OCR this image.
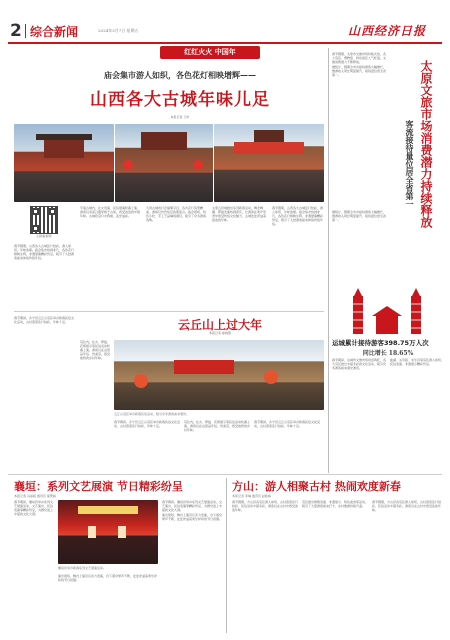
2 综合新闻	2024年3月7日 星期五	山西经济日报
红红火火 中国年
庙会集市游人如织，各色花灯相映增辉——
山西各大古城年味儿足
本报记者 王昕
扫码看视频

春节假期，山西各大古城张灯结彩，游人如织，年味浓郁。庙会集市热闹非凡，各色花灯相映生辉，非遗展演精彩纷呈，吸引了大批游客前来体验传统年俗。

平遥古城内，社火表演、民俗展演轮番上演，游客们身着汉服穿梭于古街，感受浓浓的中国年味。古城夜景灯火辉煌，流光溢彩。

大同古城的灯会璀璨夺目，各式花灯造型精美，游客们纷纷驻足拍照留念。庙会现场，特色小吃、手工艺品琳琅满目，吸引了众多游客选购。

太原古县城推出系列新春活动，舞龙舞狮、锣鼓表演热闹喜庆，让游客在欢声笑语中感受传统文化魅力，古城处处洋溢着浓浓的年味。

春节假期，山西各大古城张灯结彩，游人如织，年味浓郁。庙会集市热闹非凡，各色花灯相映生辉，非遗展演精彩纷呈，吸引了大批游客前来体验传统年俗。

春节假期，太原市文旅市场持续火热，各大景区、博物馆、特色街区人气旺盛，文旅消费潜力不断释放。

据统计，假期全市共接待游客大幅增长，旅游收入同比明显提升，接待量位居全省第一。	太原文旅市场消费潜力持续释放
客流接待量位居全省第一

据统计，假期全市共接待游客大幅增长，旅游收入同比明显提升，接待量位居全省第一。

运城累计接待游客398.75万人次
同比增长 18.65%

春节期间，运城市文旅市场供需两旺，各大景区推出丰富多彩的文化活动，吸引众多游客前来观光游览。

盐湖、关帝庙、永乐宫等景区游人如织，民俗表演、非遗展示精彩纷呈。

春节期间，乡宁县云丘山景区举办新春民俗文化活动，古村落里张灯结彩，年味十足。

景区内，社火、锣鼓、花馍展示等民俗活动轮番上演，游客们在这里品年俗、赏美景，感受独特的乡村年味。

云丘山上过大年
本报记者 崔晓霞
云丘山景区举办新春民俗活动，吸引众多游客前来观赏。

春节期间，乡宁县云丘山景区举办新春民俗文化活动，古村落里张灯结彩，年味十足。

景区内，社火、锣鼓、花馍展示等民俗活动轮番上演，游客们在这里品年俗、赏美景，感受独特的乡村年味。

春节期间，乡宁县云丘山景区举办新春民俗文化活动，古村落里张灯结彩，年味十足。

襄垣：系列文艺展演 节日精彩纷呈
本报记者 冯丽娟 通讯员 郝慧娟

春节期间，襄垣县举办系列文艺展演活动，文艺演出、民俗表演等精彩纷呈，为群众送上丰富的文化大餐。

襄垣县举办新春系列文艺展演活动。

演出现场，舞台上演员们卖力表演，台下观众掌声不断，处处洋溢着欢乐祥和的节日氛围。

春节期间，襄垣县举办系列文艺展演活动，文艺演出、民俗表演等精彩纷呈，为群众送上丰富的文化大餐。

演出现场，舞台上演员们卖力表演，台下观众掌声不断，处处洋溢着欢乐祥和的节日氛围。

方山：游人相聚古村 热闹欢度新春
本报记者 李琳 通讯员 赵艳梅

春节假期，方山县各景区游人如织，古村落里张灯结彩，民俗活动丰富多彩，游客们在古村中感受浓浓年味。

景区推出秧歌表演、非遗展示、特色美食等活动，吸引了大量游客前来打卡，乡村旅游持续升温。

春节假期，方山县各景区游人如织，古村落里张灯结彩，民俗活动丰富多彩，游客们在古村中感受浓浓年味。
